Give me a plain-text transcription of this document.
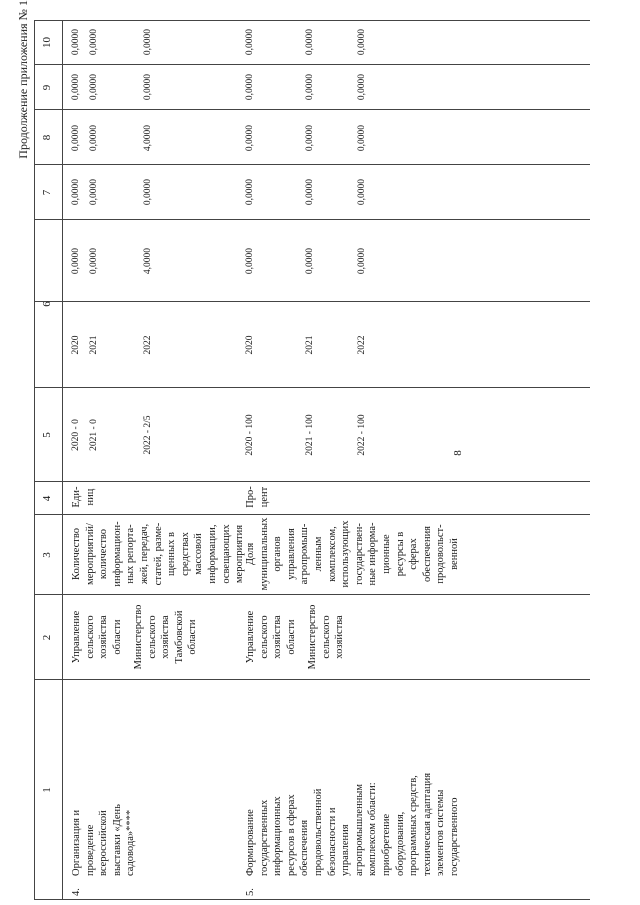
Продолжение приложения № 1
8
1
2
3
4
5
6
7
8
9
10
4.
Организация и проведение всероссийской выставки «День садовода»****
Управление сельского хозяйства области Министерство сельского хозяйства Тамбовской области
Количество мероприятий/ количество информацион- ных репорта- жей, передач, статей, разме- щенных в средствах массовой информации, освещающих мероприятия
Еди- ниц
2020 - 0
2020
0,0000
0,0000
0,0000
0,0000
0,0000
2021 - 0
2021
0,0000
0,0000
0,0000
0,0000
0,0000
2022 - 2/5
2022
4,0000
0,0000
4,0000
0,0000
0,0000
5.
Формирование государственных информационных ресурсов в сферах обеспечения продовольственной безопасности и управления агропромышленным комплексом области: приобретение оборудования, программных средств, техническая адаптация элементов системы государственного
Управление сельского хозяйства области Министерство сельского хозяйства
Доля муниципальных органов управления агропромыш- ленным комплексом, использующих государствен- ные информа- ционные ресурсы в сферах обеспечения продовольст- венной
Про- цент
2020 - 100
2020
0,0000
0,0000
0,0000
0,0000
0,0000
2021 - 100
2021
0,0000
0,0000
0,0000
0,0000
0,0000
2022 - 100
2022
0,0000
0,0000
0,0000
0,0000
0,0000
